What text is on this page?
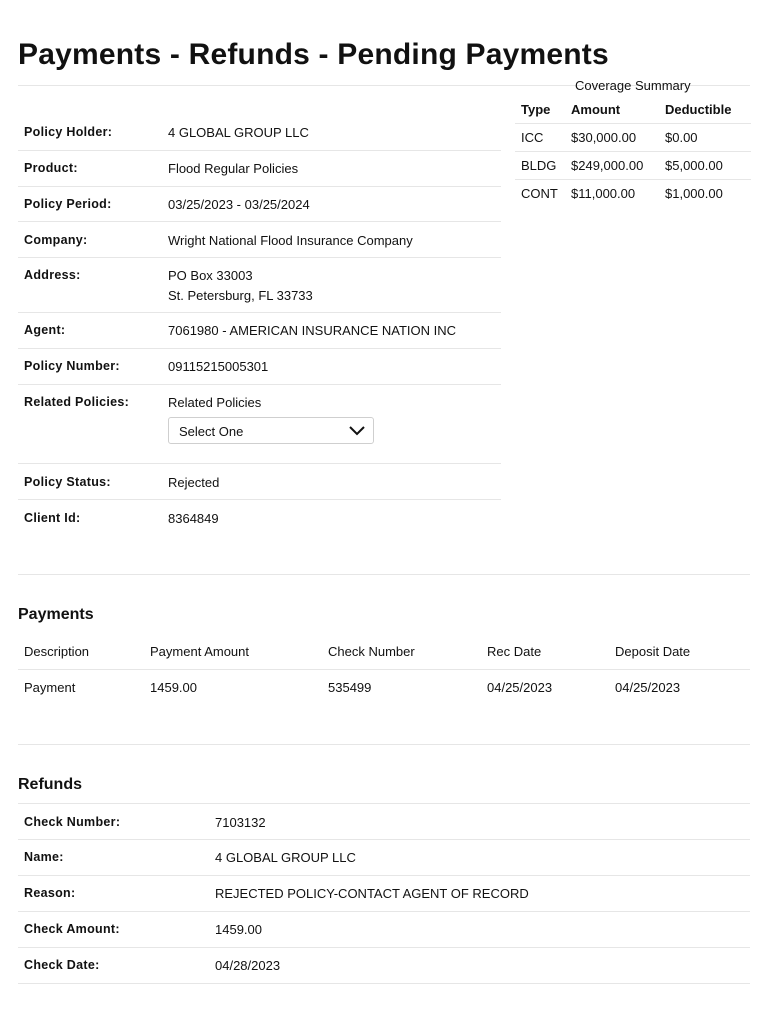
Payments - Refunds - Pending Payments
Policy Holder:	4 GLOBAL GROUP LLC
Product:	Flood Regular Policies
Policy Period:	03/25/2023 - 03/25/2024
Company:	Wright National Flood Insurance Company
Address:	PO Box 33003
St. Petersburg, FL 33733
Agent:	7061980 - AMERICAN INSURANCE NATION INC
Policy Number:	09115215005301
Related Policies:	Related Policies
Select One
Policy Status:	Rejected
Client Id:	8364849
Coverage Summary
Type Amount	Deductible
ICC $30,000.00 $0.00
BLDG $249,000.00 $5,000.00
CONT $11,000.00 $1,000.00
Payments
Description	Payment Amount	Check Number	Rec Date	Deposit Date
Payment	1459.00	535499	04/25/2023	04/25/2023
Refunds
Check Number:	7103132
Name:	4 GLOBAL GROUP LLC
Reason:	REJECTED POLICY-CONTACT AGENT OF RECORD
Check Amount:	1459.00
Check Date:	04/28/2023
